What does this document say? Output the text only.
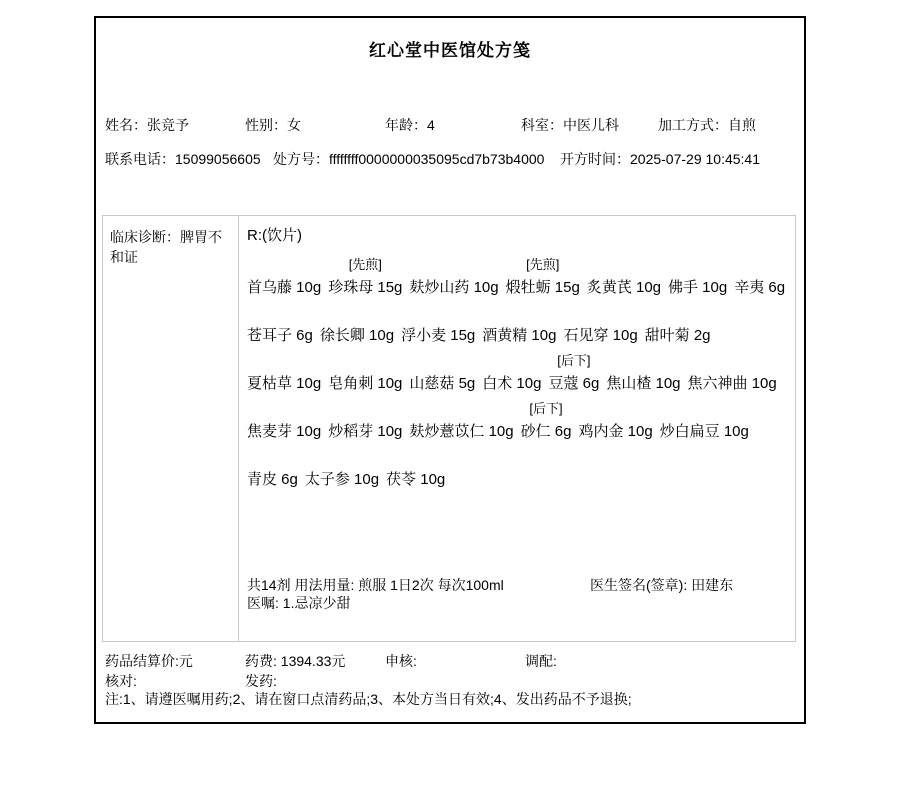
红心堂中医馆处方笺
姓名：张竞予	性别：女	年龄：4	科室：中医儿科	加工方式：自煎
联系电话：15099056605 处方号：ffffffff0000000035095cd7b73b4000 开方时间：2025-07-29 10:45:41
临床诊断：脾胃不和证
R:(饮片)
首乌藤 10g
[先煎]
珍珠母 15g 麸炒山药 10g
[先煎]
煅牡蛎 15g 炙黄芪 10g 佛手 10g 辛夷 6g
苍耳子 6g 徐长卿 10g 浮小麦 15g 酒黄精 10g 石见穿 10g 甜叶菊 2g
夏枯草 10g 皂角刺 10g 山慈菇 5g 白术 10g
[后下]
豆蔻 6g 焦山楂 10g 焦六神曲 10g
焦麦芽 10g 炒稻芽 10g 麸炒薏苡仁 10g
[后下]
砂仁 6g 鸡内金 10g 炒白扁豆 10g
青皮 6g 太子参 10g 茯苓 10g
共14剂 用法用量: 煎服 1日2次 每次100ml	医生签名(签章): 田建东
医嘱: 1.忌凉少甜
药品结算价:元	药费: 1394.33元	申核:	调配:
核对:	发药:
注:1、请遵医嘱用药;2、请在窗口点清药品;3、本处方当日有效;4、发出药品不予退换;
